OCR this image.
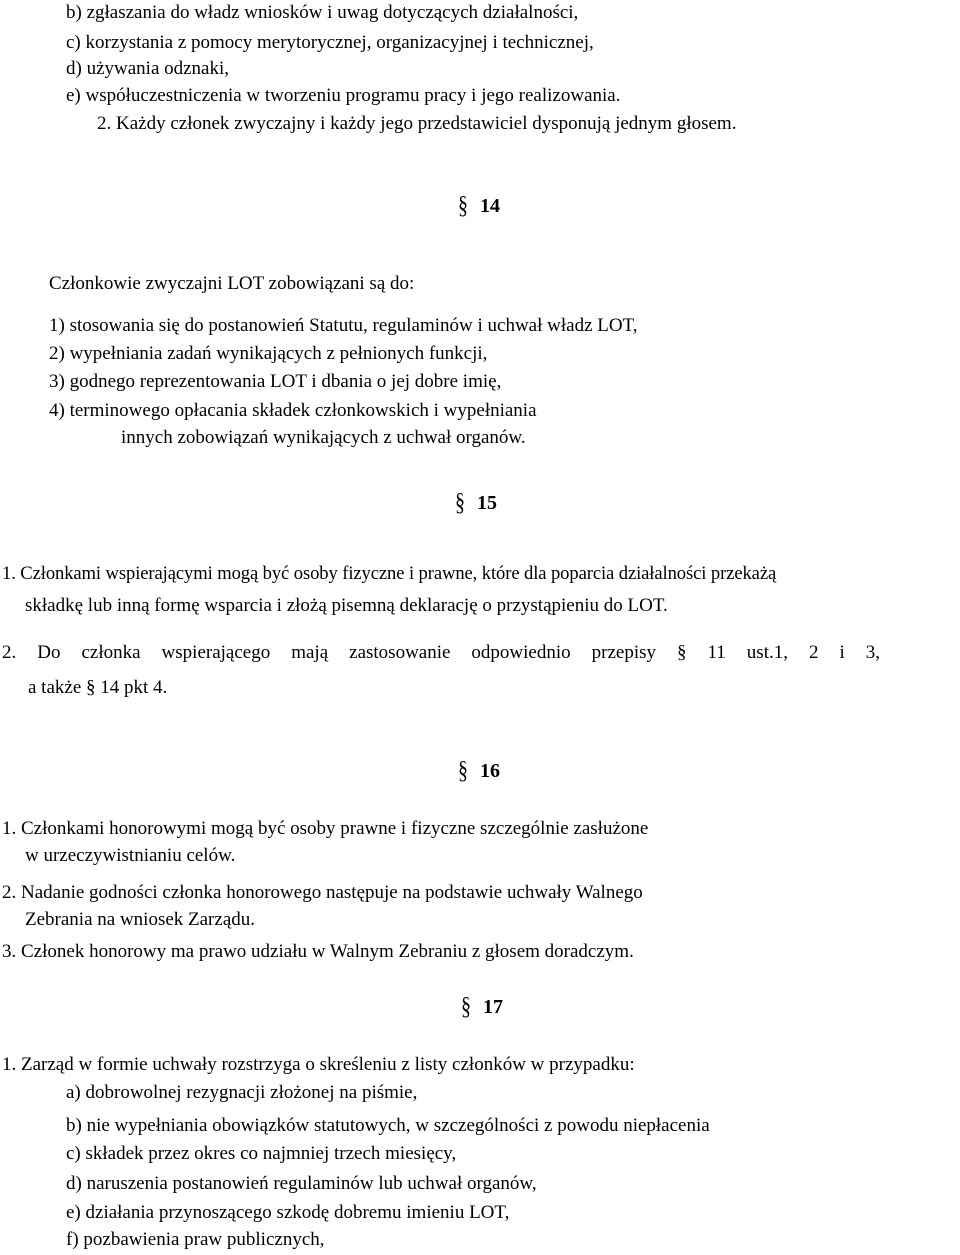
b) zgłaszania do władz wniosków i uwag dotyczących działalności,
c) korzystania z pomocy merytorycznej, organizacyjnej i technicznej,
d) używania odznaki,
e) współuczestniczenia w tworzeniu programu pracy i jego realizowania.
2. Każdy członek zwyczajny i każdy jego przedstawiciel dysponują jednym głosem.
§ 14
Członkowie zwyczajni LOT zobowiązani są do:
1) stosowania się do postanowień Statutu, regulaminów i uchwał władz LOT,
2) wypełniania zadań wynikających z pełnionych funkcji,
3) godnego reprezentowania LOT i dbania o jej dobre imię,
4) terminowego opłacania składek członkowskich i wypełniania
innych zobowiązań wynikających z uchwał organów.
§ 15
1. Członkami wspierającymi mogą być osoby fizyczne i prawne, które dla poparcia działalności przekażą
składkę lub inną formę wsparcia i złożą pisemną deklarację o przystąpieniu do LOT.
2. Do członka wspierającego mają zastosowanie odpowiednio przepisy § 11 ust.1, 2 i 3,
a także § 14 pkt 4.
§ 16
1. Członkami honorowymi mogą być osoby prawne i fizyczne szczególnie zasłużone
w urzeczywistnianiu celów.
2. Nadanie godności członka honorowego następuje na podstawie uchwały Walnego
Zebrania na wniosek Zarządu.
3. Członek honorowy ma prawo udziału w Walnym Zebraniu z głosem doradczym.
§ 17
1. Zarząd w formie uchwały rozstrzyga o skreśleniu z listy członków w przypadku:
a) dobrowolnej rezygnacji złożonej na piśmie,
b) nie wypełniania obowiązków statutowych, w szczególności z powodu niepłacenia
c) składek przez okres co najmniej trzech miesięcy,
d) naruszenia postanowień regulaminów lub uchwał organów,
e) działania przynoszącego szkodę dobremu imieniu LOT,
f) pozbawienia praw publicznych,
